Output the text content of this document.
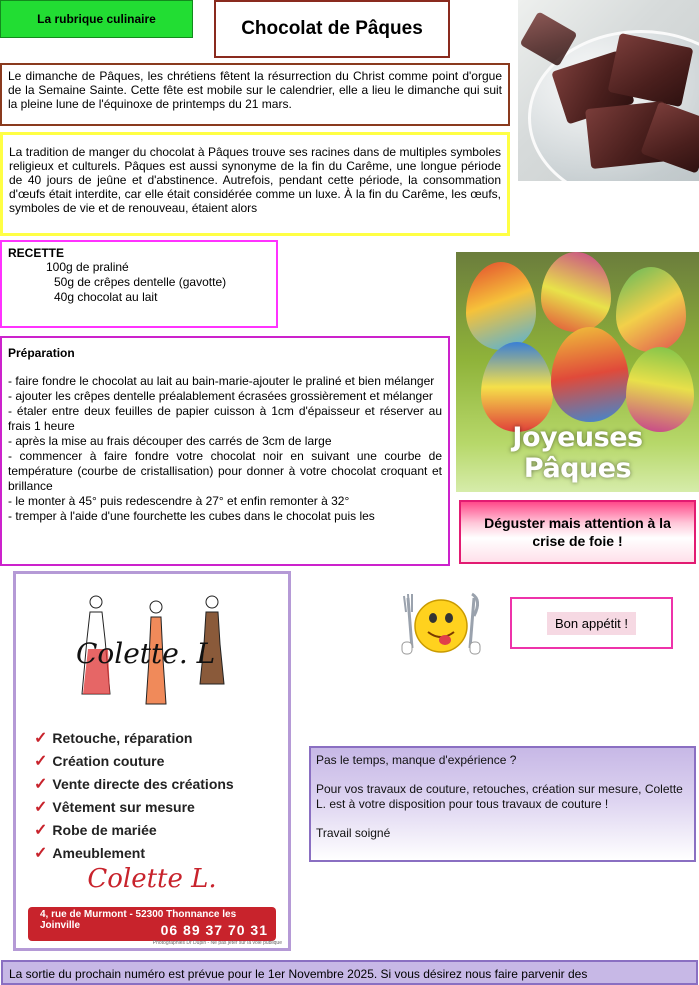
La rubrique culinaire	Chocolat de Pâques
Le dimanche de Pâques, les chrétiens fêtent la résurrection du Christ comme point d'orgue de la Semaine Sainte. Cette fête est mobile sur le calendrier, elle a lieu le dimanche qui suit la pleine lune de l'équinoxe de printemps du 21 mars.
La tradition de manger du chocolat à Pâques trouve ses racines dans de multiples symboles religieux et culturels. Pâques est aussi synonyme de la fin du Carême, une longue période de 40 jours de jeûne et d'abstinence. Autrefois, pendant cette période, la consommation d'œufs était interdite, car elle était considérée comme un luxe. À la fin du Carême, les œufs, symboles de vie et de renouveau, étaient alors
RECETTE
100g de praliné
50g de crêpes dentelle (gavotte)
40g chocolat au lait
Joyeuses Pâques
Préparation
- faire fondre le chocolat au lait au bain-marie-ajouter le praliné et bien mélanger
- ajouter les crêpes dentelle préalablement écrasées grossièrement et mélanger
- étaler entre deux feuilles de papier cuisson à 1cm d'épaisseur et réserver au frais 1 heure
- après la mise au frais découper des carrés de 3cm de large
- commencer à faire fondre votre chocolat noir en suivant une courbe de température (courbe de cristallisation) pour donner à votre chocolat croquant et brillance
- le monter à 45° puis redescendre à 27° et enfin remonter à 32°
- tremper à l'aide d'une fourchette les cubes dans le chocolat puis les	Déguster mais attention à la crise de foie !
Bon appétit !
Colette. L
✓ Retouche, réparation
✓ Création couture
✓ Vente directe des créations
✓ Vêtement sur mesure
✓ Robe de mariée
✓ Ameublement
Colette L.
4, rue de Murmont - 52300 Thonnance les Joinville	06 89 37 70 31
Photographies Dr Dupin - Ne pas jeter sur la voie publique

Pas le temps, manque d'expérience ?

Pour vos travaux de couture, retouches, création sur mesure, Colette L. est à votre disposition pour tous travaux de couture !

Travail soigné

La sortie du prochain numéro est prévue pour le 1er Novembre 2025. Si vous désirez nous faire parvenir des
